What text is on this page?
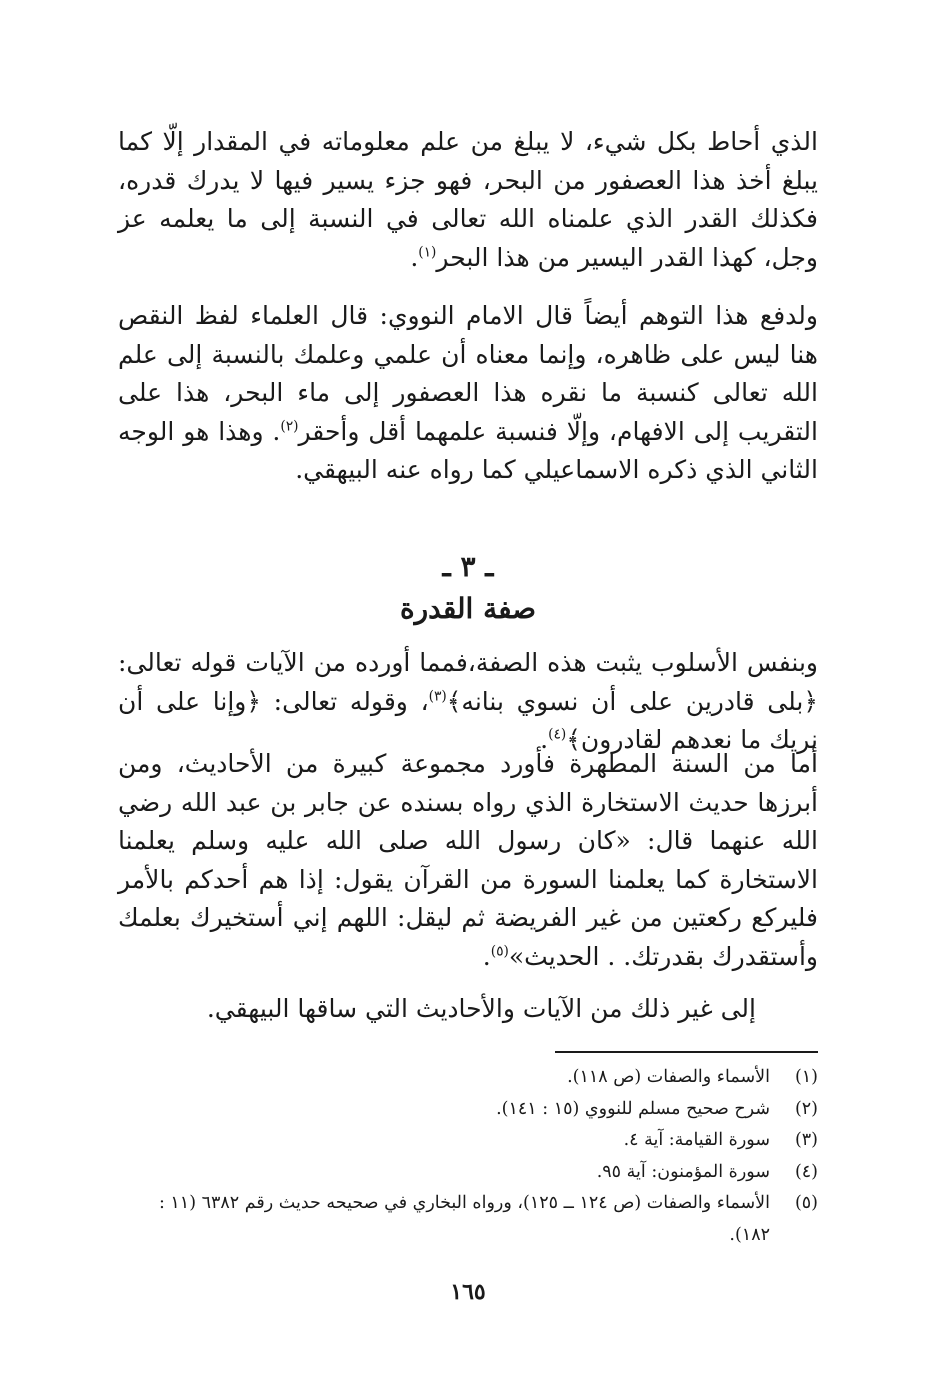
الذي أحاط بكل شيء، لا يبلغ من علم معلوماته في المقدار إلّا كما يبلغ أخذ هذا العصفور من البحر، فهو جزء يسير فيها لا يدرك قدره، فكذلك القدر الذي علمناه الله تعالى في النسبة إلى ما يعلمه عز وجل، كهذا القدر اليسير من هذا البحر$^{(١)}$.

ولدفع هذا التوهم أيضاً قال الامام النووي: قال العلماء لفظ النقص هنا ليس على ظاهره، وإنما معناه أن علمي وعلمك بالنسبة إلى علم الله تعالى كنسبة ما نقره هذا العصفور إلى ماء البحر، هذا على التقريب إلى الافهام، وإلّا فنسبة علمهما أقل وأحقر$^{(٢)}$. وهذا هو الوجه الثاني الذي ذكره الاسماعيلي كما رواه عنه البيهقي.

ـ ٣ ـ
صفة القدرة

وبنفس الأسلوب يثبت هذه الصفة،فمما أورده من الآيات قوله تعالى: ﴿بلى قادرين على أن نسوي بنانه﴾$^{(٣)}$، وقوله تعالى: ﴿وإنا على أن نريك ما نعدهم لقادرون﴾$^{(٤)}$.

أما من السنة المطهرة فأورد مجموعة كبيرة من الأحاديث، ومن أبرزها حديث الاستخارة الذي رواه بسنده عن جابر بن عبد الله رضي الله عنهما قال: «كان رسول الله صلى الله عليه وسلم يعلمنا الاستخارة كما يعلمنا السورة من القرآن يقول: إذا هم أحدكم بالأمر فليركع ركعتين من غير الفريضة ثم ليقل: اللهم إني أستخيرك بعلمك وأستقدرك بقدرتك. . الحديث»$^{(٥)}$.

إلى غير ذلك من الآيات والأحاديث التي ساقها البيهقي.

(١)
الأسماء والصفات (ص ١١٨).
(٢)
شرح صحيح مسلم للنووي (١٥ : ١٤١).
(٣)
سورة القيامة: آية ٤.
(٤)
سورة المؤمنون: آية ٩٥.
(٥)
الأسماء والصفات (ص ١٢٤ ــ ١٢٥)، ورواه البخاري في صحيحه حديث رقم ٦٣٨٢ (١١ : ١٨٢).
١٦٥
